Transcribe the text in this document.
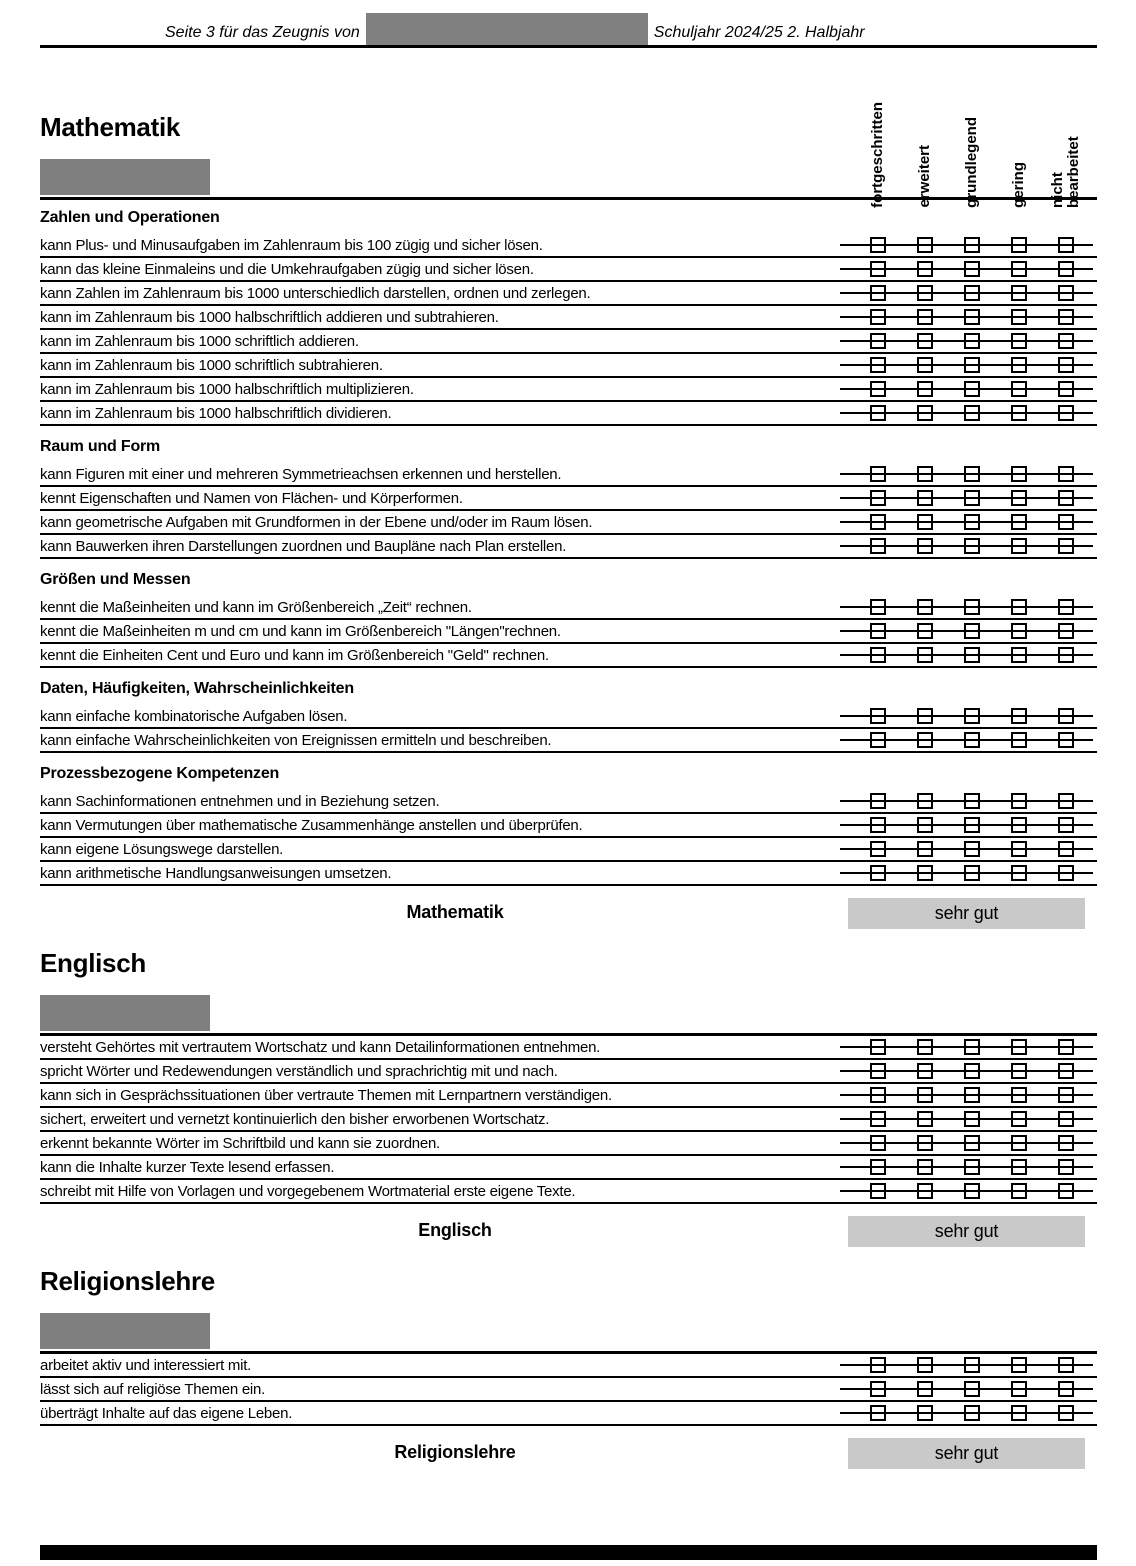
Seite 3 für das Zeugnis von	Schuljahr 2024/25 2. Halbjahr
fortgeschritten erweitert grundlegend gering nicht bearbeitet
Mathematik
Zahlen und Operationen
kann Plus- und Minusaufgaben im Zahlenraum bis 100 zügig und sicher lösen.
kann das kleine Einmaleins und die Umkehraufgaben zügig und sicher lösen.
kann Zahlen im Zahlenraum bis 1000 unterschiedlich darstellen, ordnen und zerlegen.
kann im Zahlenraum bis 1000 halbschriftlich addieren und subtrahieren.
kann im Zahlenraum bis 1000 schriftlich addieren.
kann im Zahlenraum bis 1000 schriftlich subtrahieren.
kann im Zahlenraum bis 1000 halbschriftlich multiplizieren.
kann im Zahlenraum bis 1000 halbschriftlich dividieren.
Raum und Form
kann Figuren mit einer und mehreren Symmetrieachsen erkennen und herstellen.
kennt Eigenschaften und Namen von Flächen- und Körperformen.
kann geometrische Aufgaben mit Grundformen in der Ebene und/oder im Raum lösen.
kann Bauwerken ihren Darstellungen zuordnen und Baupläne nach Plan erstellen.
Größen und Messen
kennt die Maßeinheiten und kann im Größenbereich „Zeit“ rechnen.
kennt die Maßeinheiten m und cm und kann im Größenbereich "Längen"rechnen.
kennt die Einheiten Cent und Euro und kann im Größenbereich "Geld" rechnen.
Daten, Häufigkeiten, Wahrscheinlichkeiten
kann einfache kombinatorische Aufgaben lösen.
kann einfache Wahrscheinlichkeiten von Ereignissen ermitteln und beschreiben.
Prozessbezogene Kompetenzen
kann Sachinformationen entnehmen und in Beziehung setzen.
kann Vermutungen über mathematische Zusammenhänge anstellen und überprüfen.
kann eigene Lösungswege darstellen.
kann arithmetische Handlungsanweisungen umsetzen.
Mathematik	sehr gut
Englisch
versteht Gehörtes mit vertrautem Wortschatz und kann Detailinformationen entnehmen.
spricht Wörter und Redewendungen verständlich und sprachrichtig mit und nach.
kann sich in Gesprächssituationen über vertraute Themen mit Lernpartnern verständigen.
sichert, erweitert und vernetzt kontinuierlich den bisher erworbenen Wortschatz.
erkennt bekannte Wörter im Schriftbild und kann sie zuordnen.
kann die Inhalte kurzer Texte lesend erfassen.
schreibt mit Hilfe von Vorlagen und vorgegebenem Wortmaterial erste eigene Texte.
Englisch	sehr gut
Religionslehre
arbeitet aktiv und interessiert mit.
lässt sich auf religiöse Themen ein.
überträgt Inhalte auf das eigene Leben.
Religionslehre	sehr gut
